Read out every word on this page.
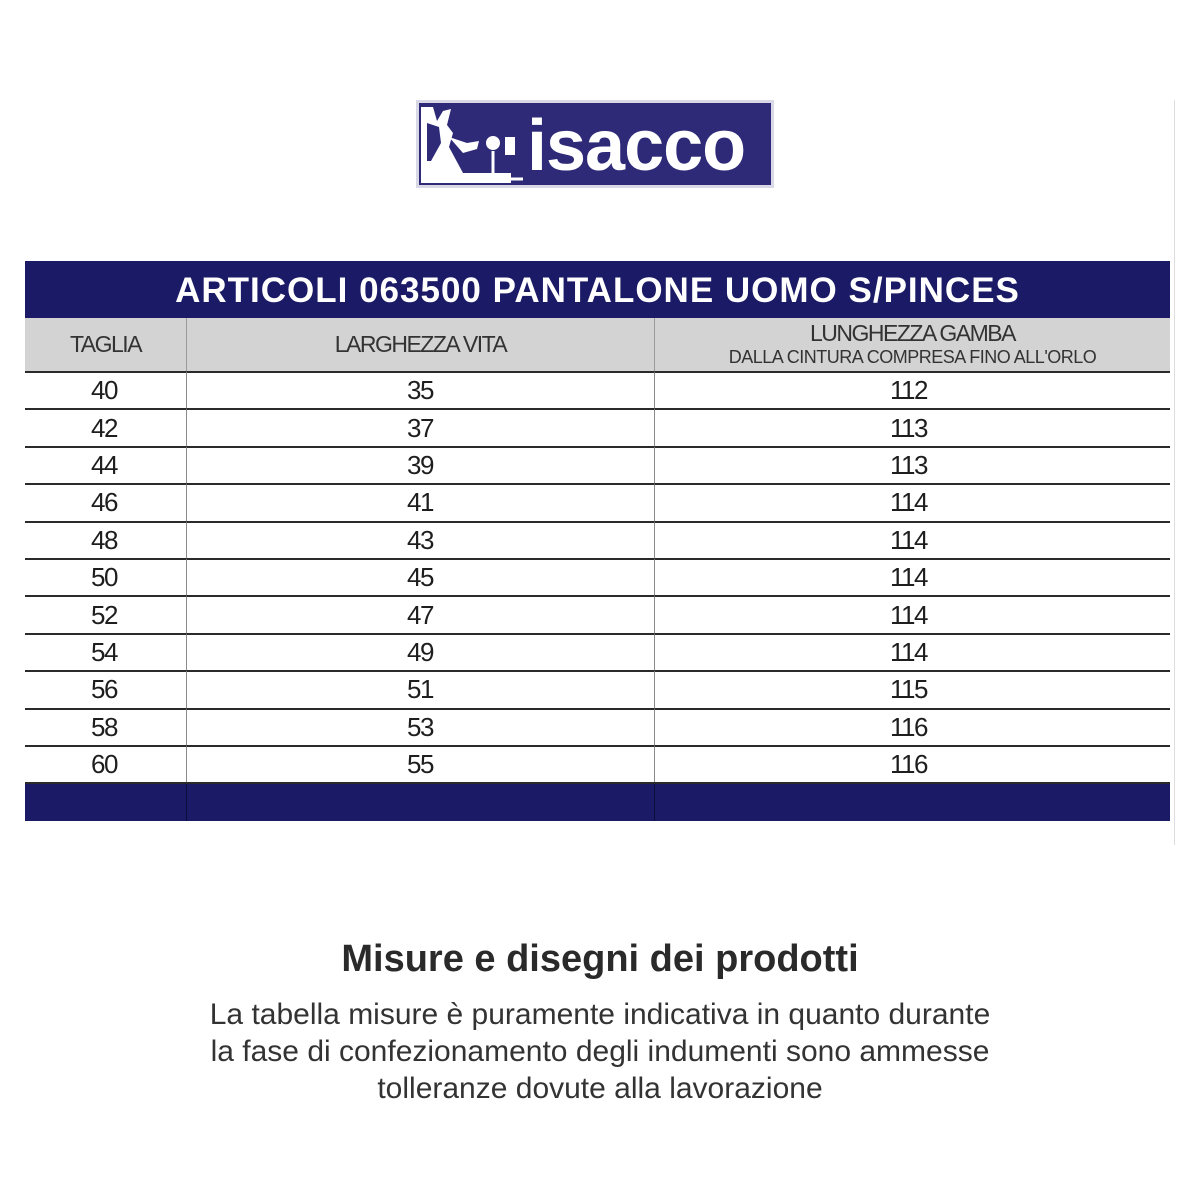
isacco
ARTICOLI 063500 PANTALONE UOMO S/PINCES
TAGLIA	LARGHEZZA VITA	LUNGHEZZA GAMBA
DALLA CINTURA COMPRESA FINO ALL'ORLO
40	35	112
42	37	113
44	39	113
46	41	114
48	43	114
50	45	114
52	47	114
54	49	114
56	51	115
58	53	116
60	55	116
Misure e disegni dei prodotti
La tabella misure è puramente indicativa in quanto durante
la fase di confezionamento degli indumenti sono ammesse
tolleranze dovute alla lavorazione
